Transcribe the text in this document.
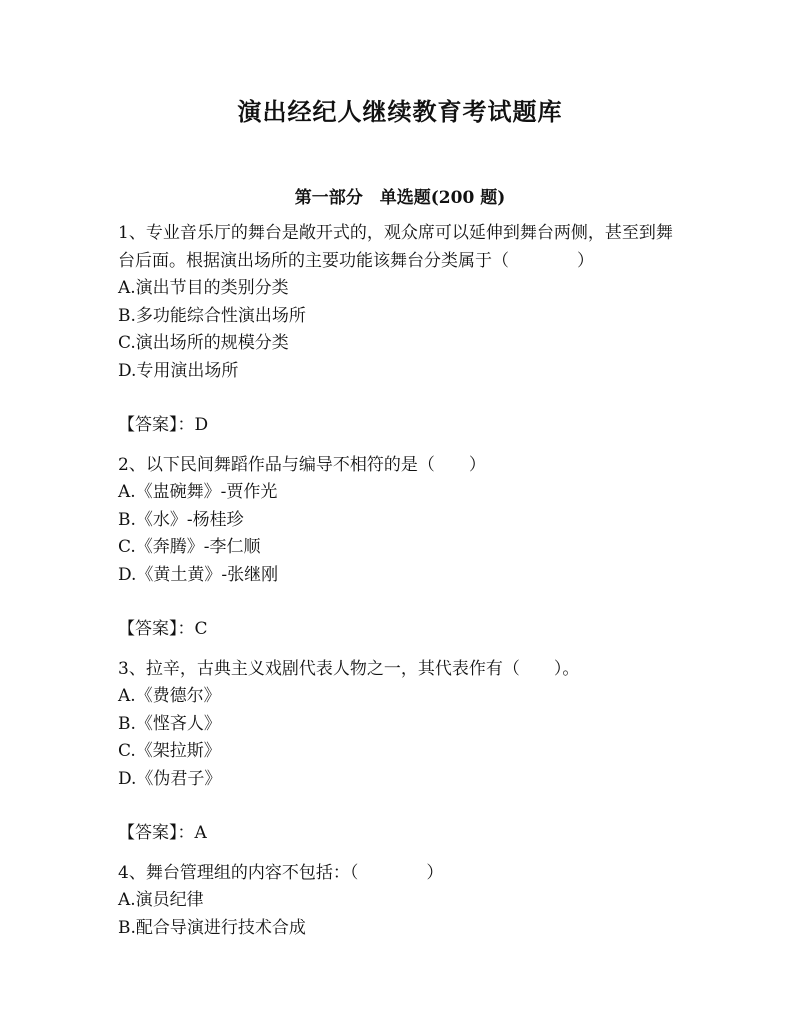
演出经纪人继续教育考试题库
第一部分　单选题(200 题)

1、专业音乐厅的舞台是敞开式的，观众席可以延伸到舞台两侧，甚至到舞台后面。根据演出场所的主要功能该舞台分类属于（　　　　）

A.演出节目的类别分类

B.多功能综合性演出场所

C.演出场所的规模分类

D.专用演出场所

【答案】：D

2、以下民间舞蹈作品与编导不相符的是（　　）

A.《盅碗舞》-贾作光

B.《水》-杨桂珍

C.《奔腾》-李仁顺

D.《黄土黄》-张继刚

【答案】：C

3、拉辛，古典主义戏剧代表人物之一，其代表作有（　　）。

A.《费德尔》

B.《悭吝人》

C.《架拉斯》

D.《伪君子》

【答案】：A

4、舞台管理组的内容不包括：（　　　　）

A.演员纪律

B.配合导演进行技术合成
